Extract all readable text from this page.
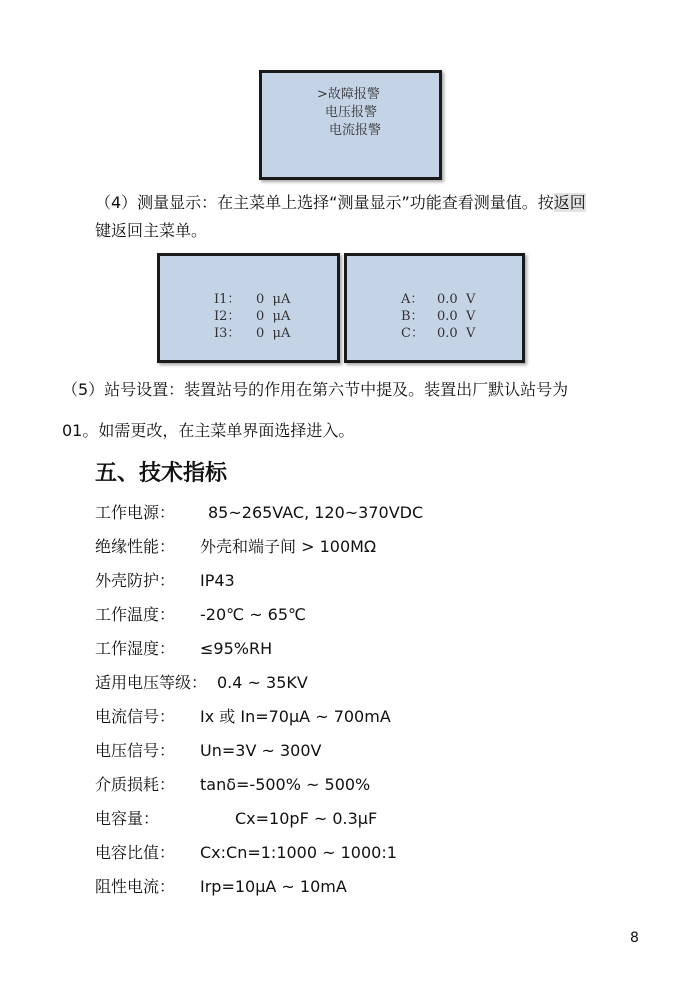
>故障报警
电压报警
电流报警
（4）测量显示：在主菜单上选择“测量显示”功能查看测量值。按返回
键返回主菜单。
I1： 0  μA
I2： 0  μA
I3： 0  μA
A： 0.0  V
B： 0.0  V
C： 0.0  V
（5）站号设置：装置站号的作用在第六节中提及。装置出厂默认站号为
01。如需更改，在主菜单界面选择进入。
五、技术指标
工作电源： 85~265VAC, 120~370VDC
绝缘性能： 外壳和端子间 > 100MΩ
外壳防护： IP43
工作温度： -20℃ ~ 65℃
工作湿度： ≤95%RH
适用电压等级： 0.4 ~ 35KV
电流信号： Ix 或 In=70μA ~ 700mA
电压信号： Un=3V ~ 300V
介质损耗： tanδ=-500% ~ 500%
电容量：	Cx=10pF ~ 0.3μF
电容比值： Cx:Cn=1:1000 ~ 1000:1
阻性电流： Irp=10μA ~ 10mA
8
